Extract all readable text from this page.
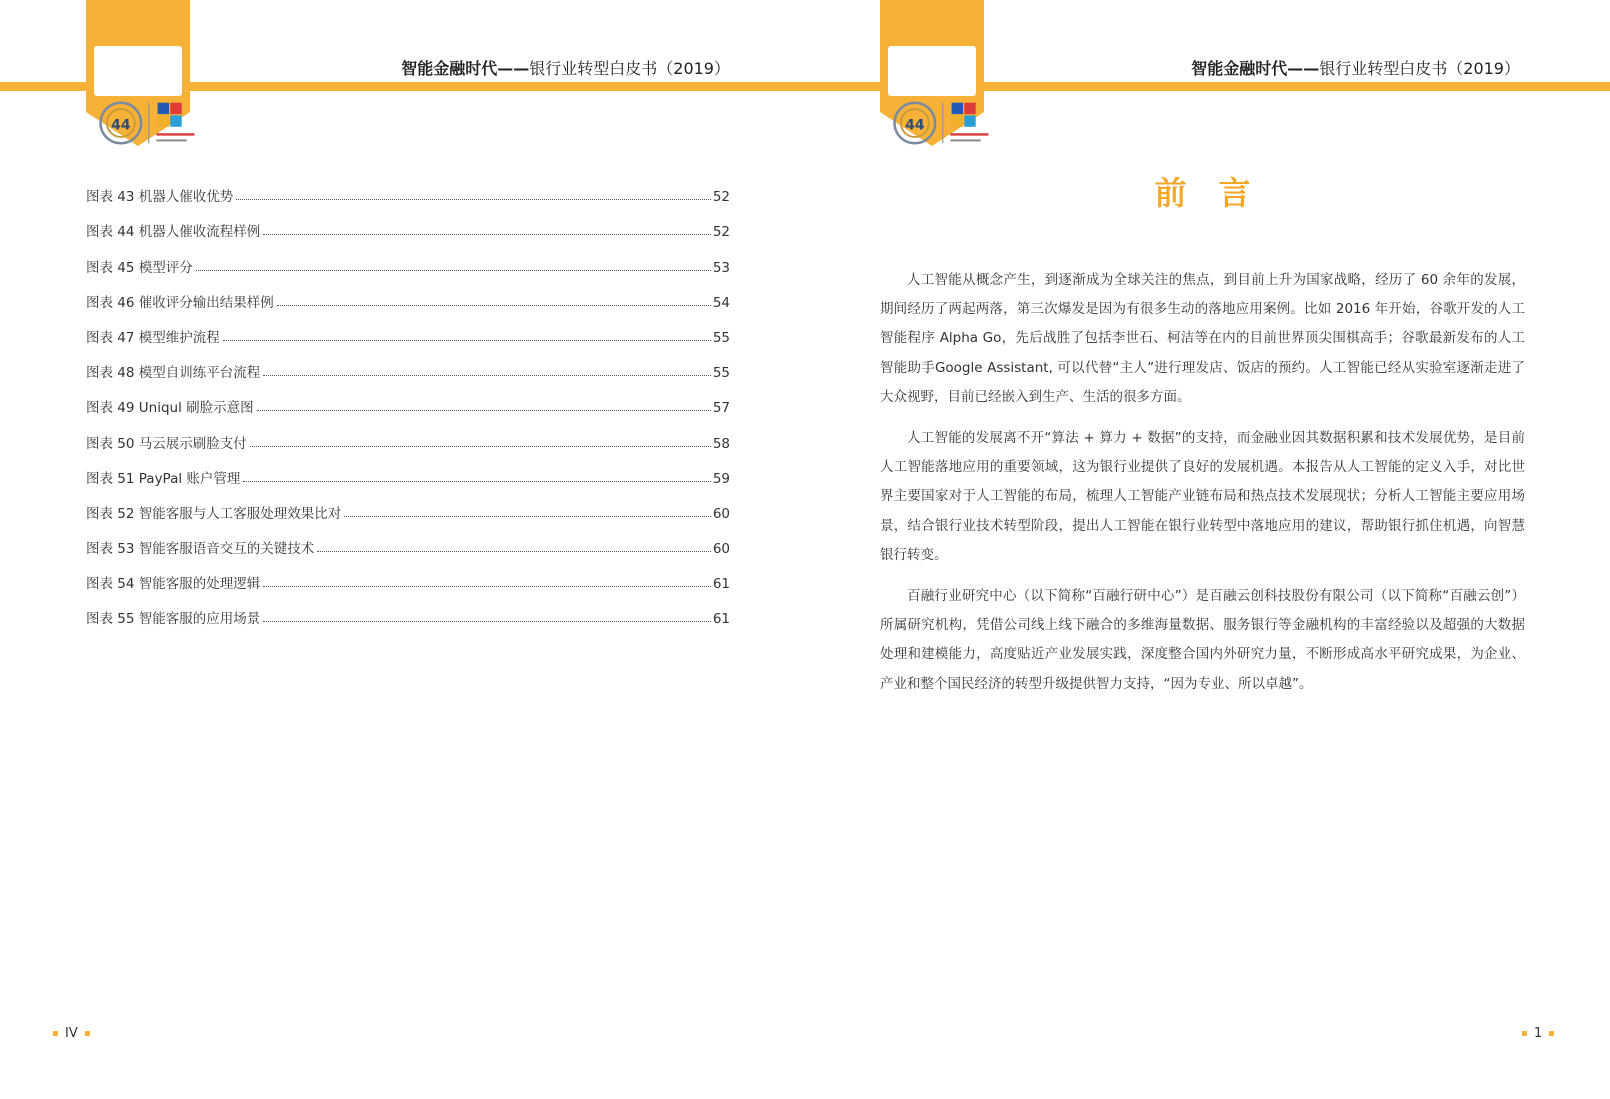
44
智能金融时代——银行业转型白皮书（2019）
图表 43 机器人催收优势	52
图表 44 机器人催收流程样例	52
图表 45 模型评分	53
图表 46 催收评分输出结果样例	54
图表 47 模型维护流程	55
图表 48 模型自训练平台流程	55
图表 49 Uniqul 刷脸示意图	57
图表 50 马云展示刷脸支付	58
图表 51 PayPal 账户管理	59
图表 52 智能客服与人工客服处理效果比对	60
图表 53 智能客服语音交互的关键技术	60
图表 54 智能客服的处理逻辑	61
图表 55 智能客服的应用场景	61
IV
44
智能金融时代——银行业转型白皮书（2019）
前言

人工智能从概念产生，到逐渐成为全球关注的焦点，到目前上升为国家战略，经历了 60 余年的发展，期间经历了两起两落，第三次爆发是因为有很多生动的落地应用案例。比如 2016 年开始，谷歌开发的人工智能程序 Alpha Go，先后战胜了包括李世石、柯洁等在内的目前世界顶尖围棋高手；谷歌最新发布的人工智能助手Google Assistant, 可以代替“主人”进行理发店、饭店的预约。人工智能已经从实验室逐渐走进了大众视野，目前已经嵌入到生产、生活的很多方面。

人工智能的发展离不开“算法 + 算力 + 数据”的支持，而金融业因其数据积累和技术发展优势，是目前人工智能落地应用的重要领域，这为银行业提供了良好的发展机遇。本报告从人工智能的定义入手，对比世界主要国家对于人工智能的布局，梳理人工智能产业链布局和热点技术发展现状；分析人工智能主要应用场景，结合银行业技术转型阶段，提出人工智能在银行业转型中落地应用的建议，帮助银行抓住机遇，向智慧银行转变。

百融行业研究中心（以下简称“百融行研中心”）是百融云创科技股份有限公司（以下简称“百融云创”）所属研究机构，凭借公司线上线下融合的多维海量数据、服务银行等金融机构的丰富经验以及超强的大数据处理和建模能力，高度贴近产业发展实践，深度整合国内外研究力量，不断形成高水平研究成果，为企业、产业和整个国民经济的转型升级提供智力支持，“因为专业、所以卓越”。

1
